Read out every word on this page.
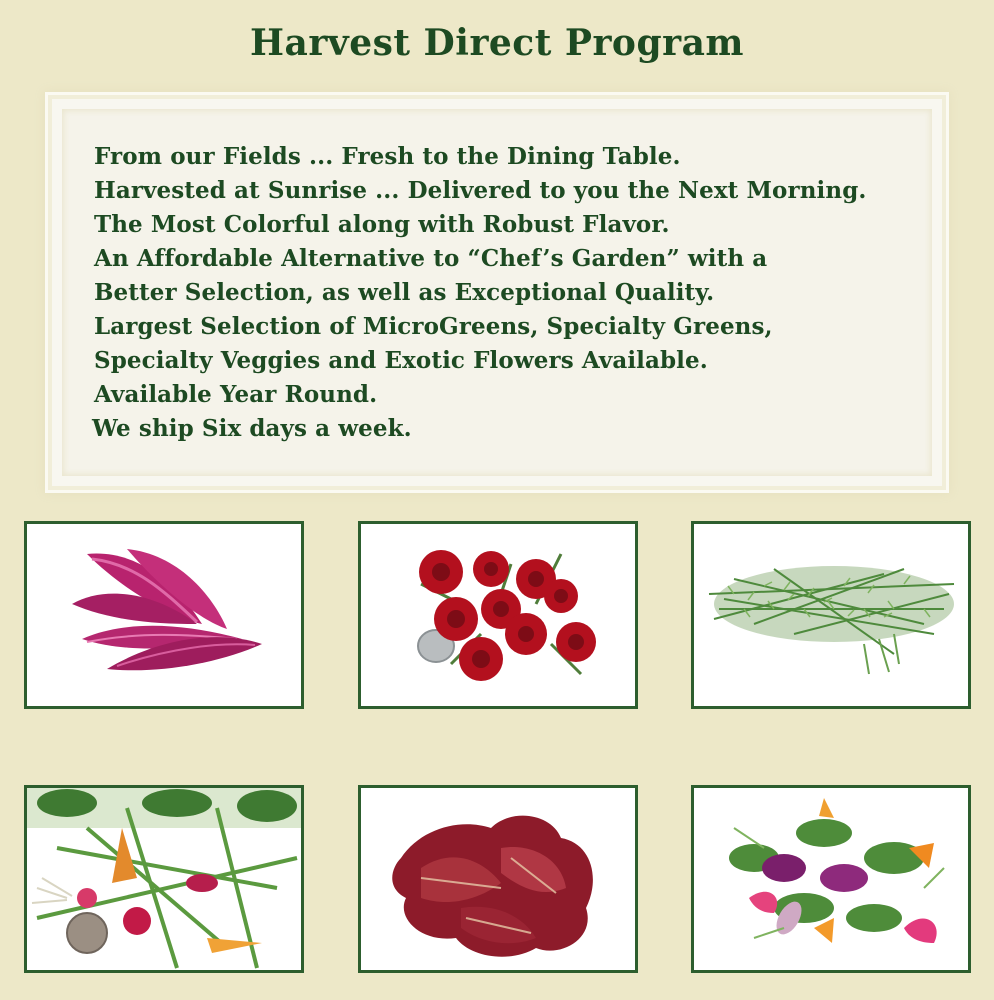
Harvest Direct Program
From our Fields ... Fresh to the Dining Table.
Harvested at Sunrise ... Delivered to you the Next Morning.
The Most Colorful along with Robust Flavor.
An Affordable Alternative to “Chef’s Garden” with a
Better Selection, as well as Exceptional Quality.
Largest Selection of MicroGreens, Specialty Greens,
Specialty Veggies and Exotic Flowers Available.
Available Year Round.
We ship Six days a week.
